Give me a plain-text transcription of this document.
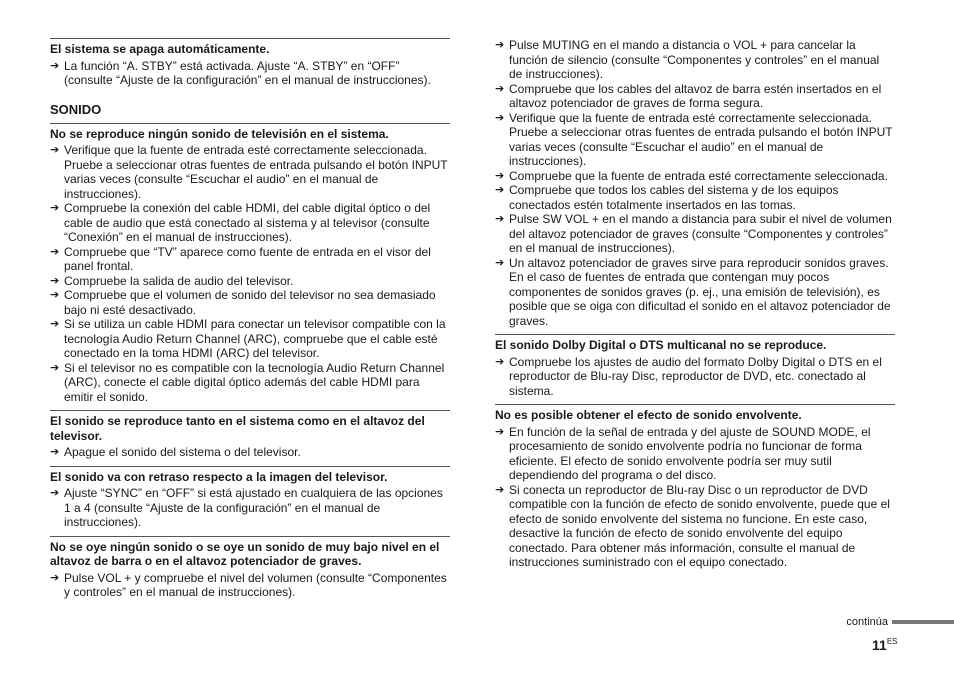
El sistema se apaga automáticamente.
➔ La función “A. STBY” está activada. Ajuste “A. STBY” en “OFF” (consulte “Ajuste de la configuración” en el manual de instrucciones).
SONIDO
No se reproduce ningún sonido de televisión en el sistema.
➔ Verifique que la fuente de entrada esté correctamente seleccionada. Pruebe a seleccionar otras fuentes de entrada pulsando el botón INPUT varias veces (consulte “Escuchar el audio” en el manual de instrucciones).
➔ Compruebe la conexión del cable HDMI, del cable digital óptico o del cable de audio que está conectado al sistema y al televisor (consulte “Conexión” en el manual de instrucciones).
➔ Compruebe que “TV” aparece como fuente de entrada en el visor del panel frontal.
➔ Compruebe la salida de audio del televisor.
➔ Compruebe que el volumen de sonido del televisor no sea demasiado bajo ni esté desactivado.
➔ Si se utiliza un cable HDMI para conectar un televisor compatible con la tecnología Audio Return Channel (ARC), compruebe que el cable esté conectado en la toma HDMI (ARC) del televisor.
➔ Si el televisor no es compatible con la tecnología Audio Return Channel (ARC), conecte el cable digital óptico además del cable HDMI para emitir el sonido.
El sonido se reproduce tanto en el sistema como en el altavoz del televisor.
➔ Apague el sonido del sistema o del televisor.
El sonido va con retraso respecto a la imagen del televisor.
➔ Ajuste “SYNC” en “OFF” si está ajustado en cualquiera de las opciones 1 a 4 (consulte “Ajuste de la configuración” en el manual de instrucciones).
No se oye ningún sonido o se oye un sonido de muy bajo nivel en el altavoz de barra o en el altavoz potenciador de graves.
➔ Pulse VOL + y compruebe el nivel del volumen (consulte “Componentes y controles” en el manual de instrucciones).
➔ Pulse MUTING en el mando a distancia o VOL + para cancelar la función de silencio (consulte “Componentes y controles” en el manual de instrucciones).
➔ Compruebe que los cables del altavoz de barra estén insertados en el altavoz potenciador de graves de forma segura.
➔ Verifique que la fuente de entrada esté correctamente seleccionada. Pruebe a seleccionar otras fuentes de entrada pulsando el botón INPUT varias veces (consulte “Escuchar el audio” en el manual de instrucciones).
➔ Compruebe que la fuente de entrada esté correctamente seleccionada.
➔ Compruebe que todos los cables del sistema y de los equipos conectados estén totalmente insertados en las tomas.
➔ Pulse SW VOL + en el mando a distancia para subir el nivel de volumen del altavoz potenciador de graves (consulte “Componentes y controles” en el manual de instrucciones).
➔ Un altavoz potenciador de graves sirve para reproducir sonidos graves. En el caso de fuentes de entrada que contengan muy pocos componentes de sonidos graves (p. ej., una emisión de televisión), es posible que se oiga con dificultad el sonido en el altavoz potenciador de graves.
El sonido Dolby Digital o DTS multicanal no se reproduce.
➔ Compruebe los ajustes de audio del formato Dolby Digital o DTS en el reproductor de Blu-ray Disc, reproductor de DVD, etc. conectado al sistema.
No es posible obtener el efecto de sonido envolvente.
➔ En función de la señal de entrada y del ajuste de SOUND MODE, el procesamiento de sonido envolvente podría no funcionar de forma eficiente. El efecto de sonido envolvente podría ser muy sutil dependiendo del programa o del disco.
➔ Si conecta un reproductor de Blu-ray Disc o un reproductor de DVD compatible con la función de efecto de sonido envolvente, puede que el efecto de sonido envolvente del sistema no funcione. En este caso, desactive la función de efecto de sonido envolvente del equipo conectado. Para obtener más información, consulte el manual de instrucciones suministrado con el equipo conectado.
continúa
$11^{ES}$
